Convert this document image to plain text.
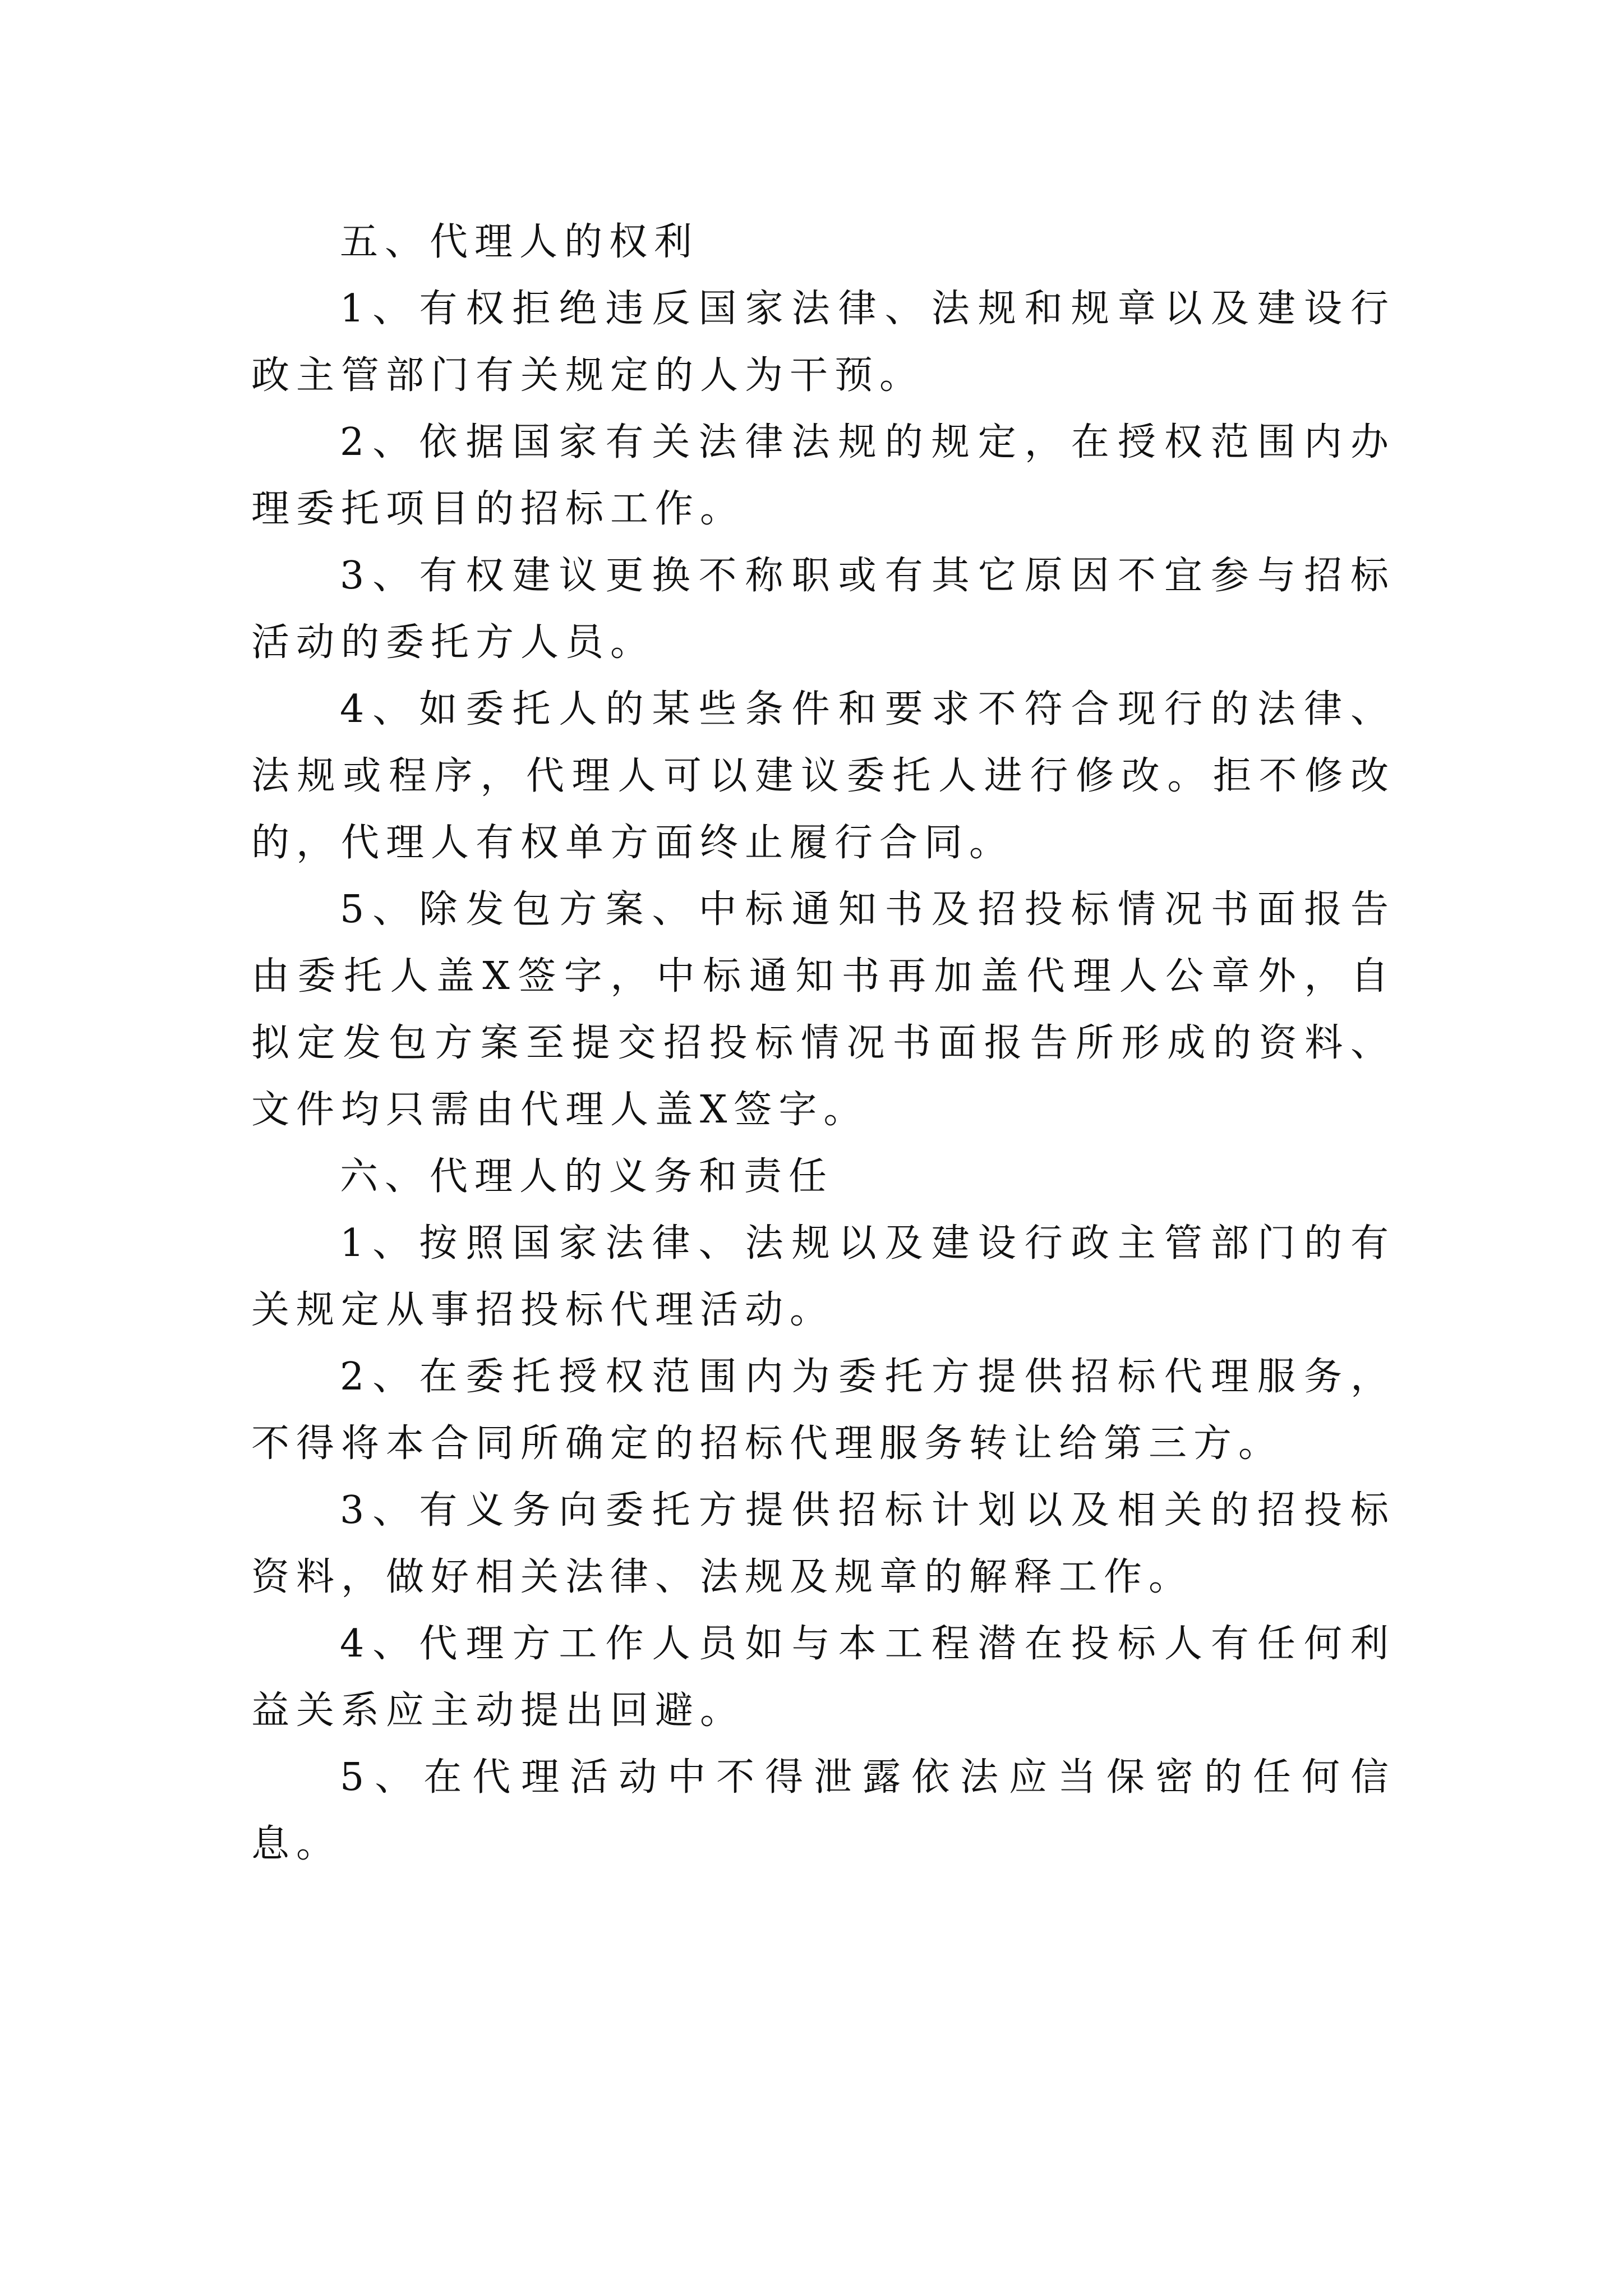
五、代理人的权利

1、有权拒绝违反国家法律、法规和规章以及建设行政主管部门有关规定的人为干预。

2、依据国家有关法律法规的规定，在授权范围内办理委托项目的招标工作。

3、有权建议更换不称职或有其它原因不宜参与招标活动的委托方人员。

4、如委托人的某些条件和要求不符合现行的法律、法规或程序，代理人可以建议委托人进行修改。拒不修改的，代理人有权单方面终止履行合同。

5、除发包方案、中标通知书及招投标情况书面报告由委托人盖X签字，中标通知书再加盖代理人公章外，自拟定发包方案至提交招投标情况书面报告所形成的资料、文件均只需由代理人盖X签字。

六、代理人的义务和责任

1、按照国家法律、法规以及建设行政主管部门的有关规定从事招投标代理活动。

2、在委托授权范围内为委托方提供招标代理服务，不得将本合同所确定的招标代理服务转让给第三方。

3、有义务向委托方提供招标计划以及相关的招投标资料，做好相关法律、法规及规章的解释工作。

4、代理方工作人员如与本工程潜在投标人有任何利益关系应主动提出回避。

5、在代理活动中不得泄露依法应当保密的任何信息。
